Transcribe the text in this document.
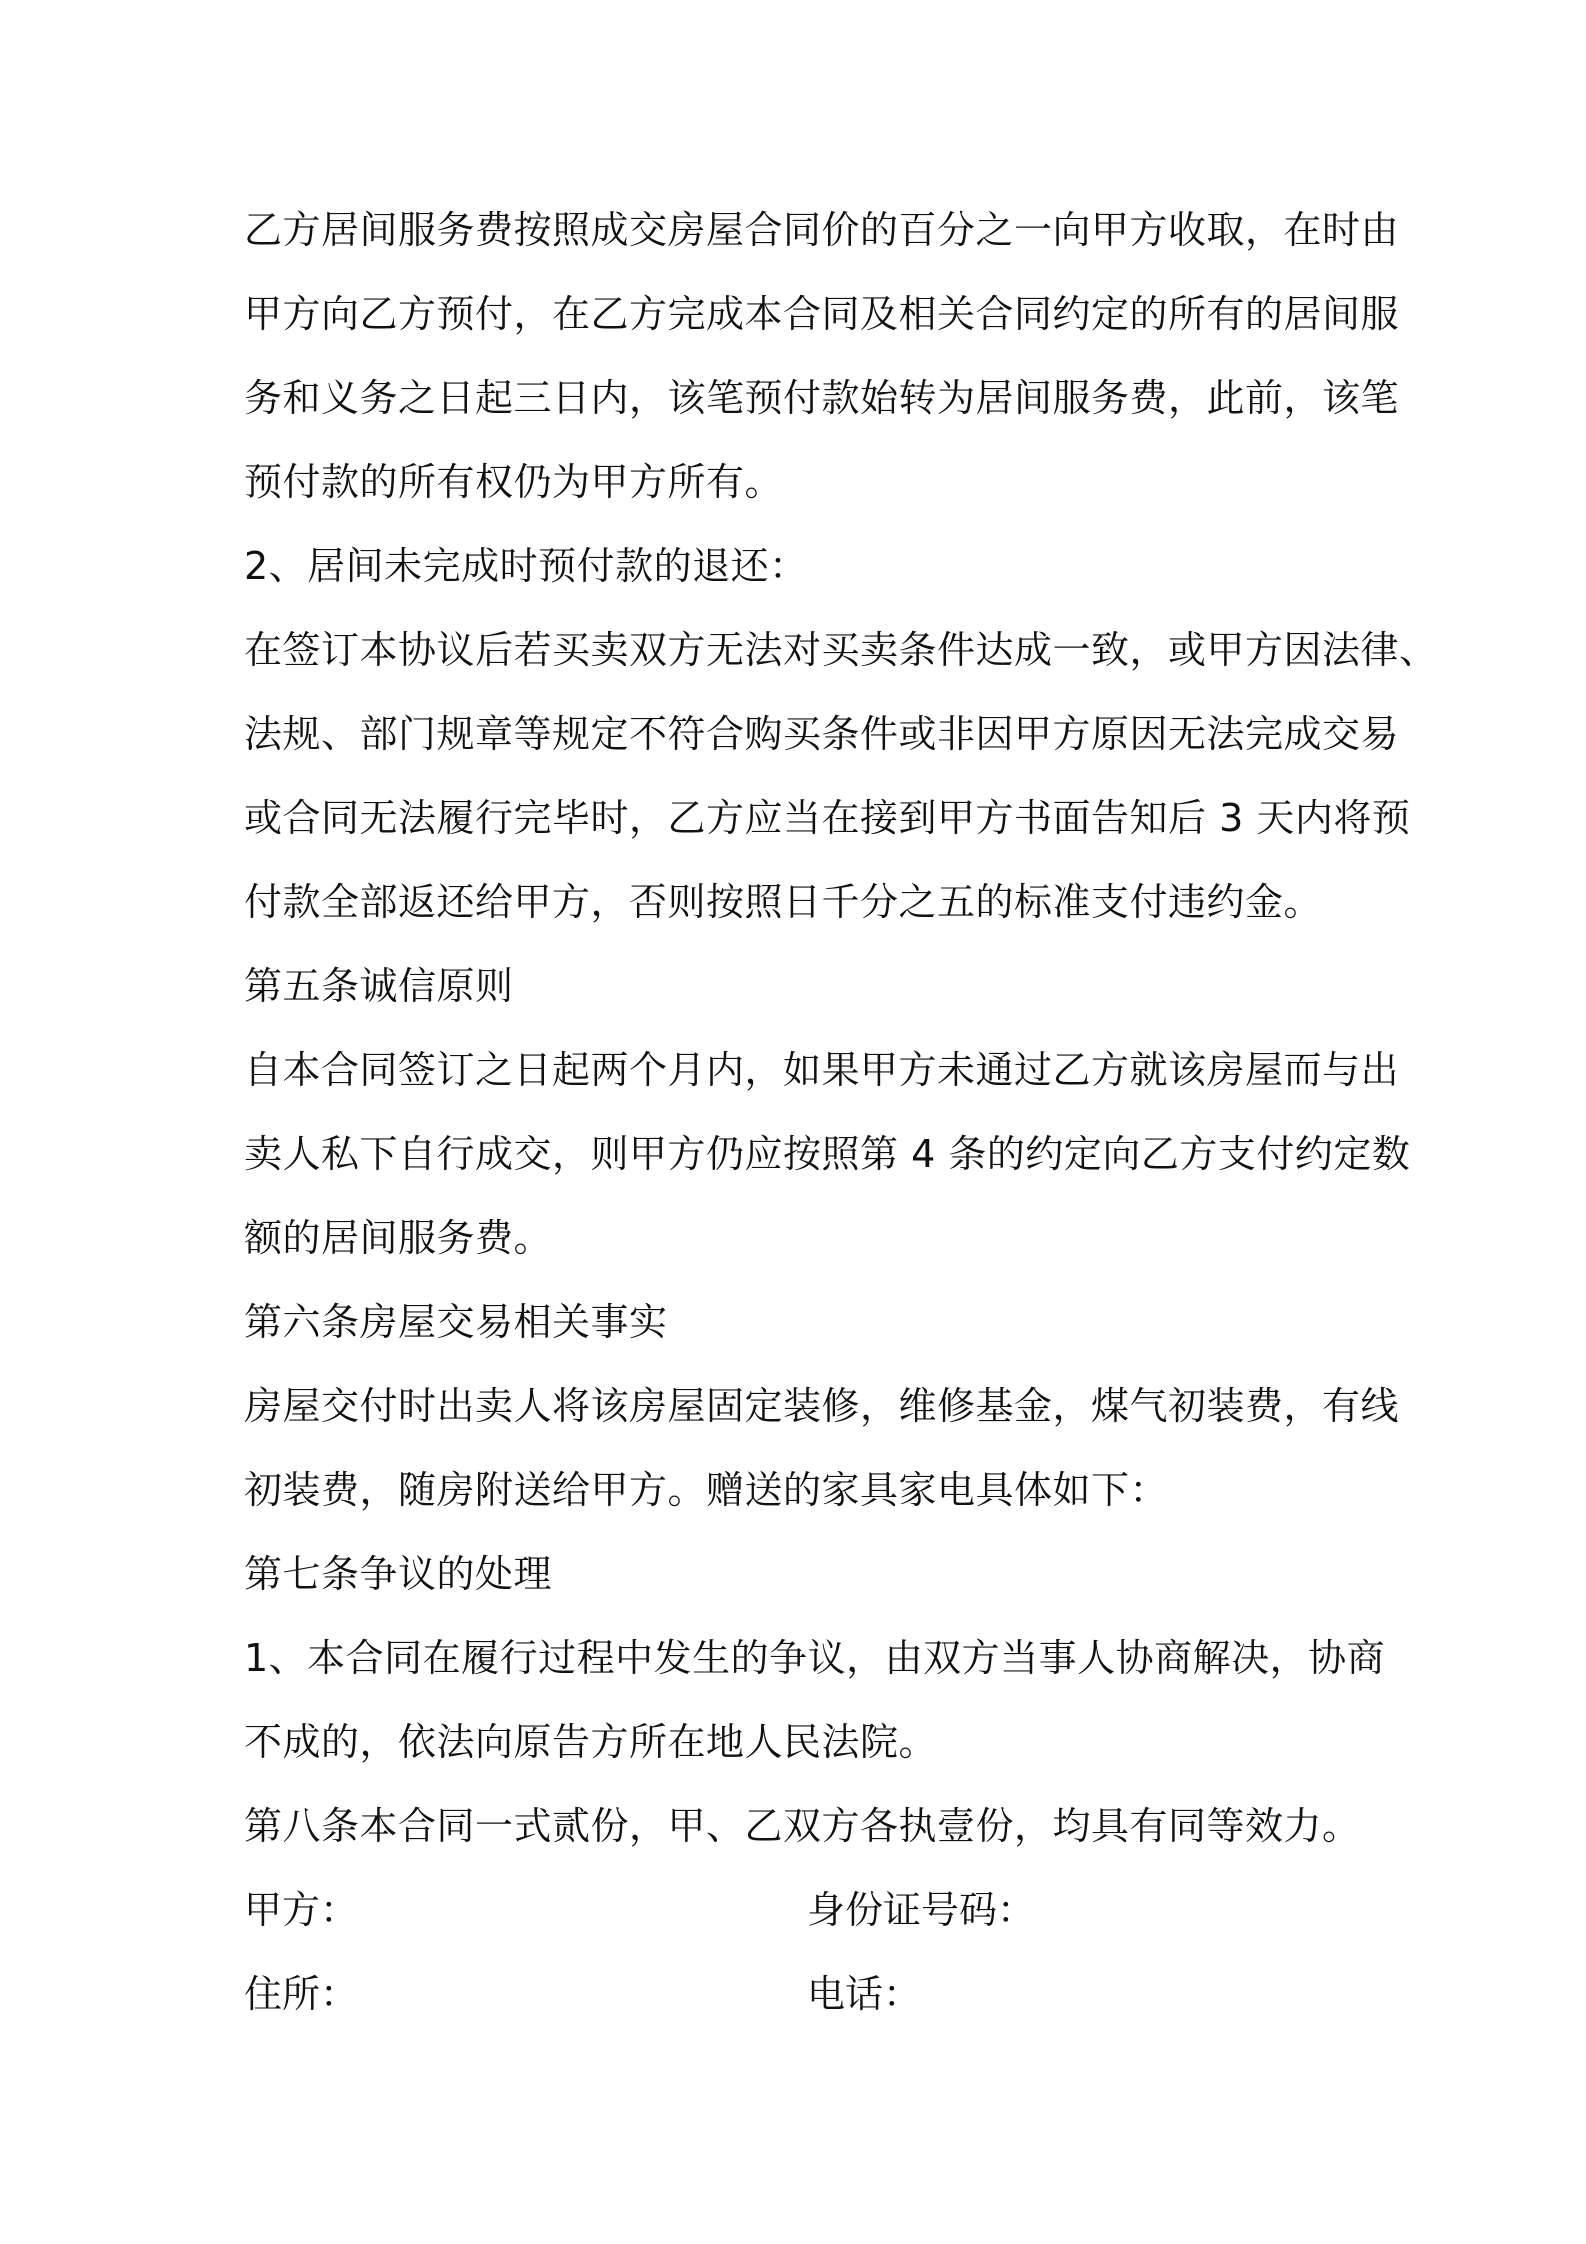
乙方居间服务费按照成交房屋合同价的百分之一向甲方收取，在时由
甲方向乙方预付，在乙方完成本合同及相关合同约定的所有的居间服
务和义务之日起三日内，该笔预付款始转为居间服务费，此前，该笔
预付款的所有权仍为甲方所有。
2、居间未完成时预付款的退还：
在签订本协议后若买卖双方无法对买卖条件达成一致，或甲方因法律、
法规、部门规章等规定不符合购买条件或非因甲方原因无法完成交易
或合同无法履行完毕时，乙方应当在接到甲方书面告知后 3 天内将预
付款全部返还给甲方，否则按照日千分之五的标准支付违约金。
第五条诚信原则
自本合同签订之日起两个月内，如果甲方未通过乙方就该房屋而与出
卖人私下自行成交，则甲方仍应按照第 4 条的约定向乙方支付约定数
额的居间服务费。
第六条房屋交易相关事实
房屋交付时出卖人将该房屋固定装修，维修基金，煤气初装费，有线
初装费，随房附送给甲方。赠送的家具家电具体如下：
第七条争议的处理
1、本合同在履行过程中发生的争议，由双方当事人协商解决，协商
不成的，依法向原告方所在地人民法院。
第八条本合同一式贰份，甲、乙双方各执壹份，均具有同等效力。
甲方：	身份证号码：
住所：	电话：
